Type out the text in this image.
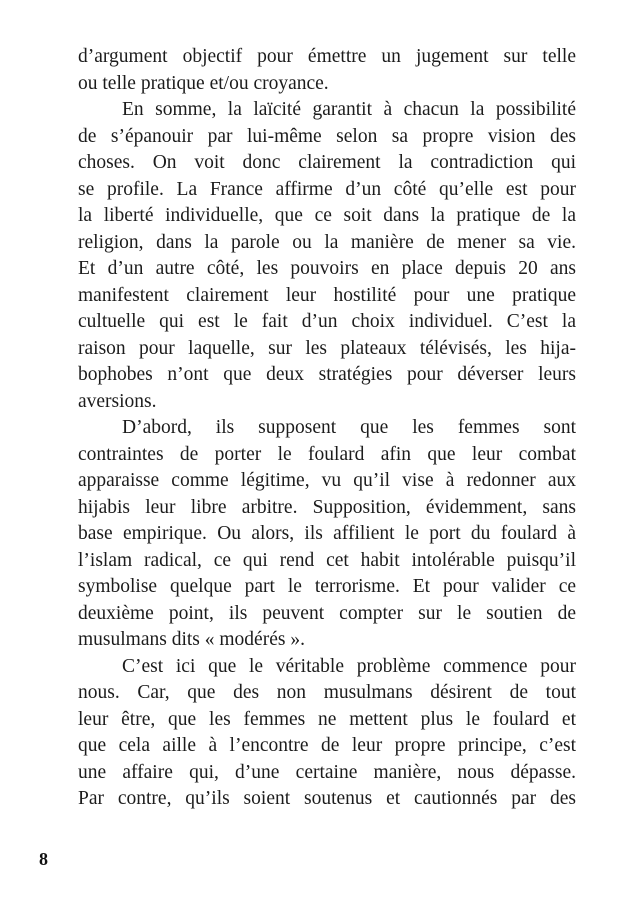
d’argument objectif pour émettre un jugement sur telle
ou telle pratique et/ou croyance.
En somme, la laïcité garantit à chacun la possibilité
de s’épanouir par lui-même selon sa propre vision des
choses. On voit donc clairement la contradiction qui
se profile. La France affirme d’un côté qu’elle est pour
la liberté individuelle, que ce soit dans la pratique de la
religion, dans la parole ou la manière de mener sa vie.
Et d’un autre côté, les pouvoirs en place depuis 20 ans
manifestent clairement leur hostilité pour une pratique
cultuelle qui est le fait d’un choix individuel. C’est la
raison pour laquelle, sur les plateaux télévisés, les hija-
bophobes n’ont que deux stratégies pour déverser leurs
aversions.
D’abord, ils supposent que les femmes sont
contraintes de porter le foulard afin que leur combat
apparaisse comme légitime, vu qu’il vise à redonner aux
hijabis leur libre arbitre. Supposition, évidemment, sans
base empirique. Ou alors, ils affilient le port du foulard à
l’islam radical, ce qui rend cet habit intolérable puisqu’il
symbolise quelque part le terrorisme. Et pour valider ce
deuxième point, ils peuvent compter sur le soutien de
musulmans dits « modérés ».
C’est ici que le véritable problème commence pour
nous. Car, que des non musulmans désirent de tout
leur être, que les femmes ne mettent plus le foulard et
que cela aille à l’encontre de leur propre principe, c’est
une affaire qui, d’une certaine manière, nous dépasse.
Par contre, qu’ils soient soutenus et cautionnés par des
8
